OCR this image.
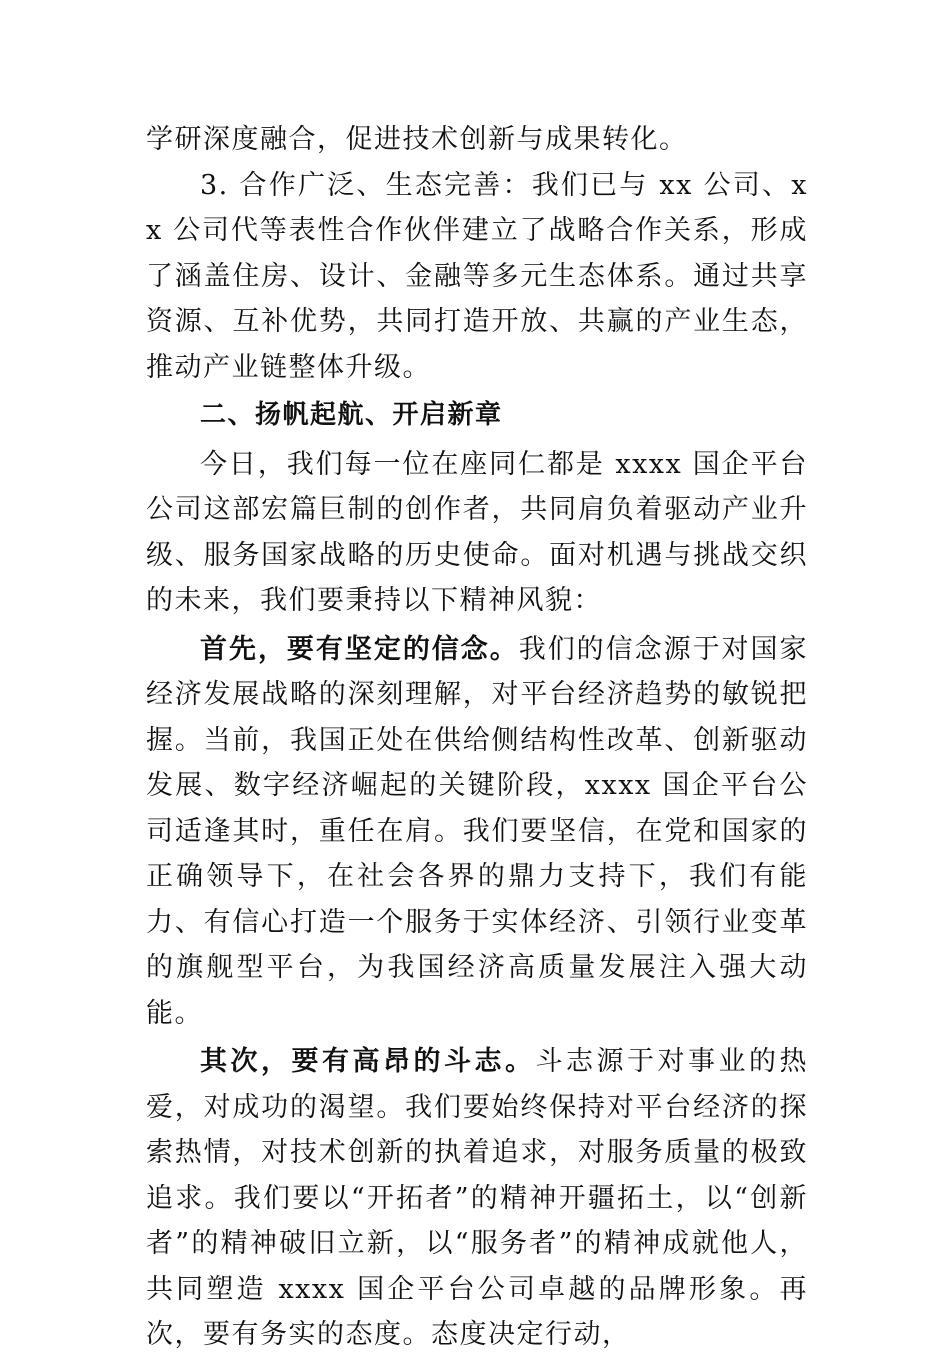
学研深度融合，促进技术创新与成果转化。

3. 合作广泛、生态完善：我们已与 xx 公司、xx 公司代等表性合作伙伴建立了战略合作关系，形成了涵盖住房、设计、金融等多元生态体系。通过共享资源、互补优势，共同打造开放、共赢的产业生态，推动产业链整体升级。

二、扬帆起航、开启新章

今日，我们每一位在座同仁都是 xxxx 国企平台公司这部宏篇巨制的创作者，共同肩负着驱动产业升级、服务国家战略的历史使命。面对机遇与挑战交织的未来，我们要秉持以下精神风貌：

首先，要有坚定的信念。我们的信念源于对国家经济发展战略的深刻理解，对平台经济趋势的敏锐把握。当前，我国正处在供给侧结构性改革、创新驱动发展、数字经济崛起的关键阶段，xxxx 国企平台公司适逢其时，重任在肩。我们要坚信，在党和国家的正确领导下，在社会各界的鼎力支持下，我们有能力、有信心打造一个服务于实体经济、引领行业变革的旗舰型平台，为我国经济高质量发展注入强大动能。

其次，要有高昂的斗志。斗志源于对事业的热爱，对成功的渴望。我们要始终保持对平台经济的探索热情，对技术创新的执着追求，对服务质量的极致追求。我们要以“开拓者”的精神开疆拓土，以“创新者”的精神破旧立新，以“服务者”的精神成就他人，共同塑造 xxxx 国企平台公司卓越的品牌形象。再次，要有务实的态度。态度决定行动，
